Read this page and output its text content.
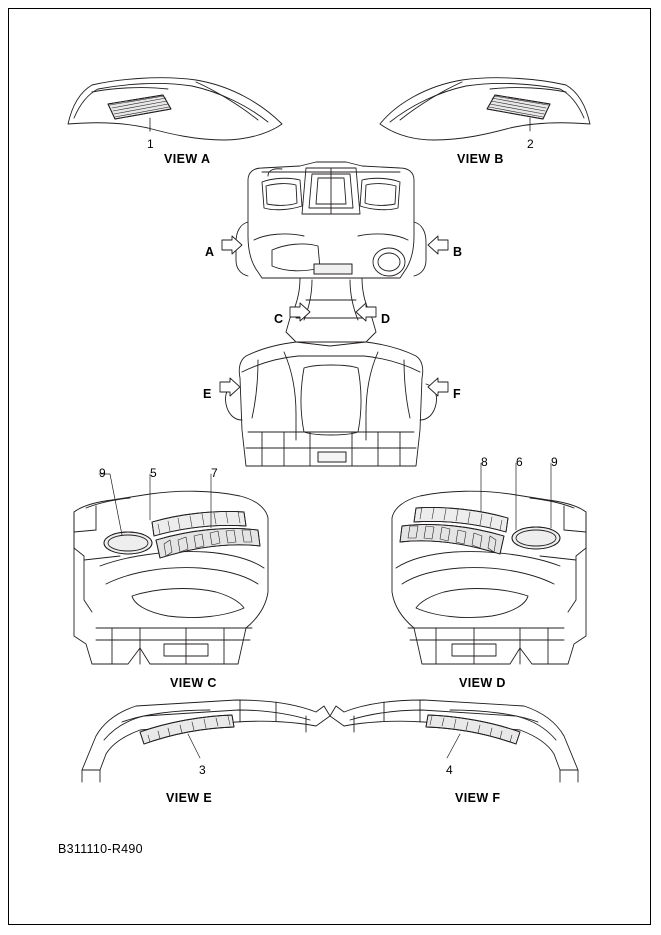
VIEW A	VIEW B
VIEW C	VIEW D
VIEW E	VIEW F
A	B
C	D
E	F
1	2
9	5	7
8 6 9
3	4
B311110-R490
